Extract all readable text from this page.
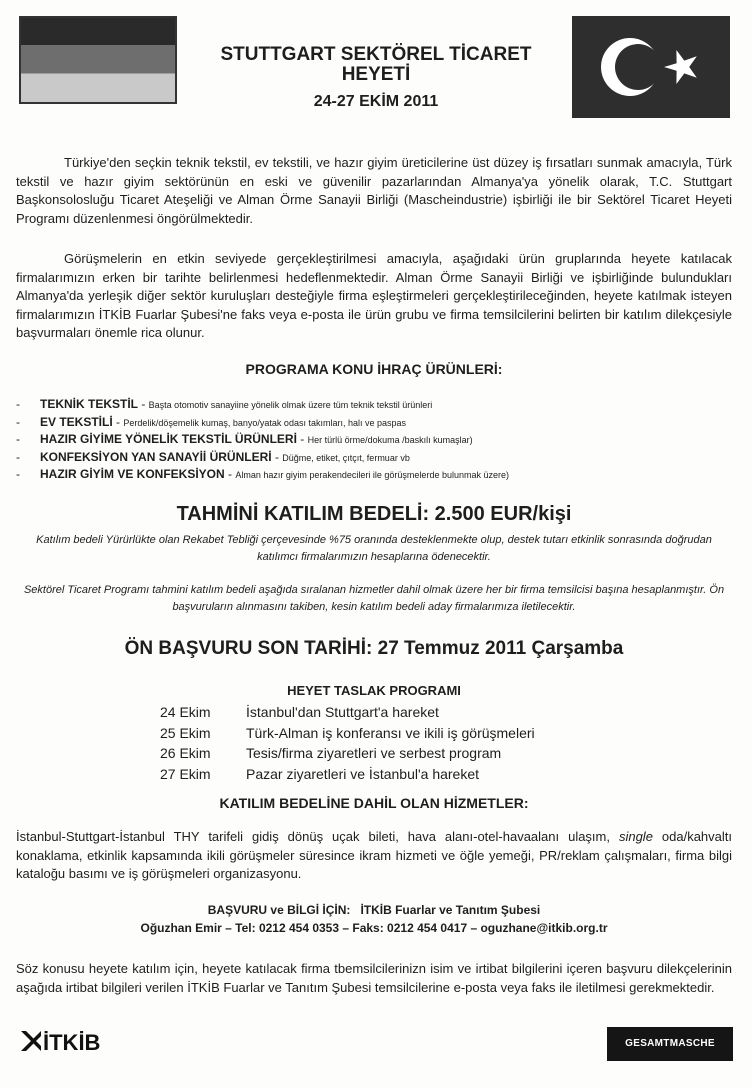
STUTTGART SEKTÖREL TİCARET
HEYETİ
24-27 EKİM 2011

Türkiye'den seçkin teknik tekstil, ev tekstili, ve hazır giyim üreticilerine üst düzey iş fırsatları sunmak amacıyla, Türk tekstil ve hazır giyim sektörünün en eski ve güvenilir pazarlarından Almanya'ya yönelik olarak, T.C. Stuttgart Başkonsolosluğu Ticaret Ateşeliği ve Alman Örme Sanayii Birliği (Mascheindustrie) işbirliği ile bir Sektörel Ticaret Heyeti Programı düzenlenmesi öngörülmektedir.

Görüşmelerin en etkin seviyede gerçekleştirilmesi amacıyla, aşağıdaki ürün gruplarında heyete katılacak firmalarımızın erken bir tarihte belirlenmesi hedeflenmektedir. Alman Örme Sanayii Birliği ve işbirliğinde bulundukları Almanya'da yerleşik diğer sektör kuruluşları desteğiyle firma eşleştirmeleri gerçekleştirileceğinden, heyete katılmak isteyen firmalarımızın İTKİB Fuarlar Şubesi'ne faks veya e-posta ile ürün grubu ve firma temsilcilerini belirten bir katılım dilekçesiyle başvurmaları önemle rica olunur.

PROGRAMA KONU İHRAÇ ÜRÜNLERİ:
- TEKNİK TEKSTİL - Başta otomotiv sanayiine yönelik olmak üzere tüm teknik tekstil ürünleri
- EV TEKSTİLİ - Perdelik/döşemelik kumaş, banyo/yatak odası takımları, halı ve paspas
- HAZIR GİYİME YÖNELİK TEKSTİL ÜRÜNLERİ - Her türlü örme/dokuma /baskılı kumaşlar)
- KONFEKSİYON YAN SANAYİİ ÜRÜNLERİ - Düğme, etiket, çıtçıt, fermuar vb
- HAZIR GİYİM VE KONFEKSİYON - Alman hazır giyim perakendecileri ile görüşmelerde bulunmak üzere)
TAHMİNİ KATILIM BEDELİ: 2.500 EUR/kişi
Katılım bedeli Yürürlükte olan Rekabet Tebliği çerçevesinde %75 oranında desteklenmekte olup, destek tutarı etkinlik sonrasında doğrudan katılımcı firmalarımızın hesaplarına ödenecektir.
Sektörel Ticaret Programı tahmini katılım bedeli aşağıda sıralanan hizmetler dahil olmak üzere her bir firma temsilcisi başına hesaplanmıştır. Ön başvuruların alınmasını takiben, kesin katılım bedeli aday firmalarımıza iletilecektir.
ÖN BAŞVURU SON TARİHİ: 27 Temmuz 2011 Çarşamba
HEYET TASLAK PROGRAMI
24 Ekim	İstanbul'dan Stuttgart'a hareket
25 Ekim	Türk-Alman iş konferansı ve ikili iş görüşmeleri
26 Ekim	Tesis/firma ziyaretleri ve serbest program
27 Ekim	Pazar ziyaretleri ve İstanbul'a hareket
KATILIM BEDELİNE DAHİL OLAN HİZMETLER:

İstanbul-Stuttgart-İstanbul THY tarifeli gidiş dönüş uçak bileti, hava alanı-otel-havaalanı ulaşım, single oda/kahvaltı konaklama, etkinlik kapsamında ikili görüşmeler süresince ikram hizmeti ve öğle yemeği, PR/reklam çalışmaları, firma bilgi kataloğu basımı ve iş görüşmeleri organizasyonu.

BAŞVURU ve BİLGİ İÇİN: İTKİB Fuarlar ve Tanıtım Şubesi
Oğuzhan Emir – Tel: 0212 454 0353 – Faks: 0212 454 0417 – oguzhane@itkib.org.tr

Söz konusu heyete katılım için, heyete katılacak firma tbemsilcilerinizn isim ve irtibat bilgilerini içeren başvuru dilekçelerinin aşağıda irtibat bilgileri verilen İTKİB Fuarlar ve Tanıtım Şubesi temsilcilerine e-posta veya faks ile iletilmesi gerekmektedir.

İTKİB	GESAMTMASCHE
